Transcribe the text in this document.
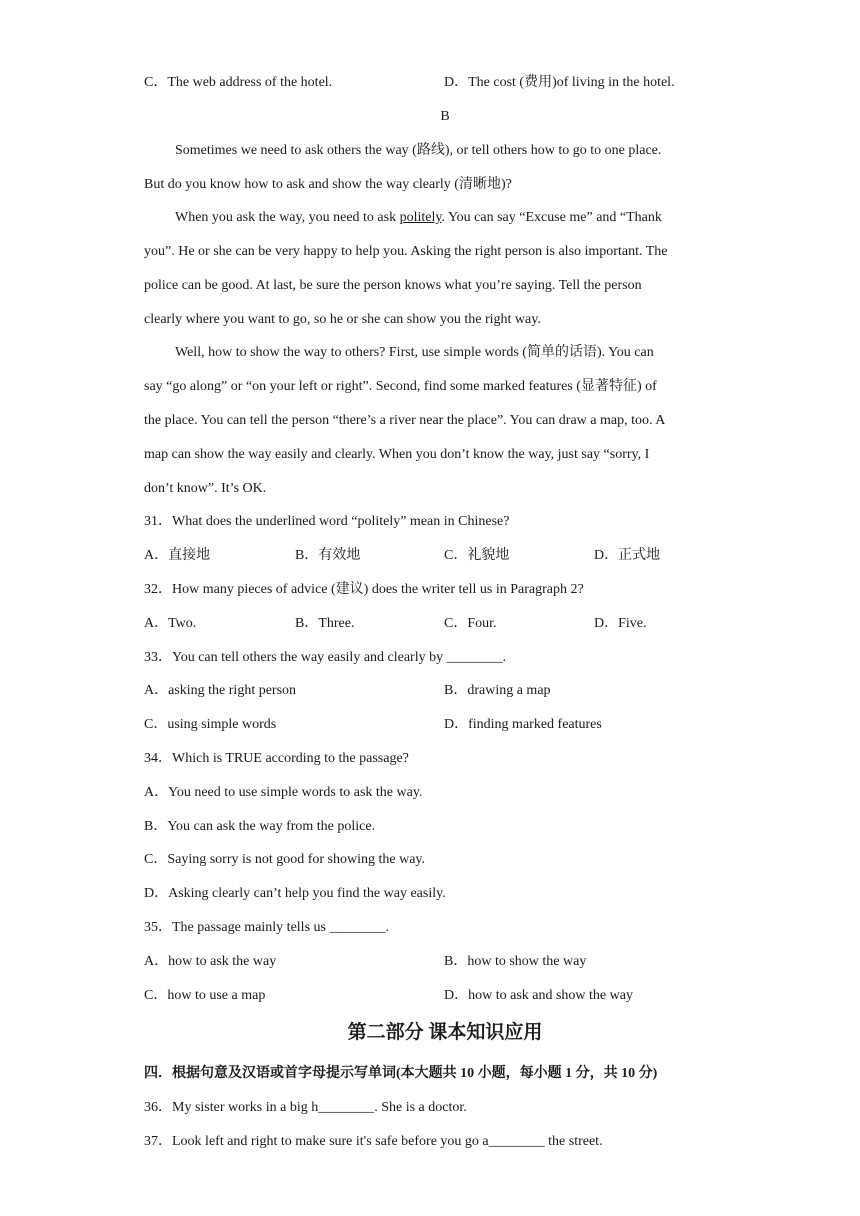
C．The web address of the hotel.	D．The cost (费用)of living in the hotel.
B
Sometimes we need to ask others the way (路线), or tell others how to go to one place.
But do you know how to ask and show the way clearly (清晰地)?
When you ask the way, you need to ask politely. You can say “Excuse me” and “Thank
you”. He or she can be very happy to help you. Asking the right person is also important. The
police can be good. At last, be sure the person knows what you’re saying. Tell the person
clearly where you want to go, so he or she can show you the right way.
Well, how to show the way to others? First, use simple words (简单的话语). You can
say “go along” or “on your left or right”. Second, find some marked features (显著特征) of
the place. You can tell the person “there’s a river near the place”. You can draw a map, too. A
map can show the way easily and clearly. When you don’t know the way, just say “sorry, I
don’t know”. It’s OK.
31．What does the underlined word “politely” mean in Chinese?
A．直接地	B．有效地	C．礼貌地	D．正式地
32．How many pieces of advice (建议) does the writer tell us in Paragraph 2?
A．Two.	B．Three.	C．Four.	D．Five.
33．You can tell others the way easily and clearly by ________.
A．asking the right person	B．drawing a map
C．using simple words	D．finding marked features
34．Which is TRUE according to the passage?
A．You need to use simple words to ask the way.
B．You can ask the way from the police.
C．Saying sorry is not good for showing the way.
D．Asking clearly can’t help you find the way easily.
35．The passage mainly tells us ________.
A．how to ask the way	B．how to show the way
C．how to use a map	D．how to ask and show the way
第二部分 课本知识应用
四．根据句意及汉语或首字母提示写单词(本大题共 10 小题，每小题 1 分，共 10 分)
36．My sister works in a big h________. She is a doctor.
37．Look left and right to make sure it's safe before you go a________ the street.
